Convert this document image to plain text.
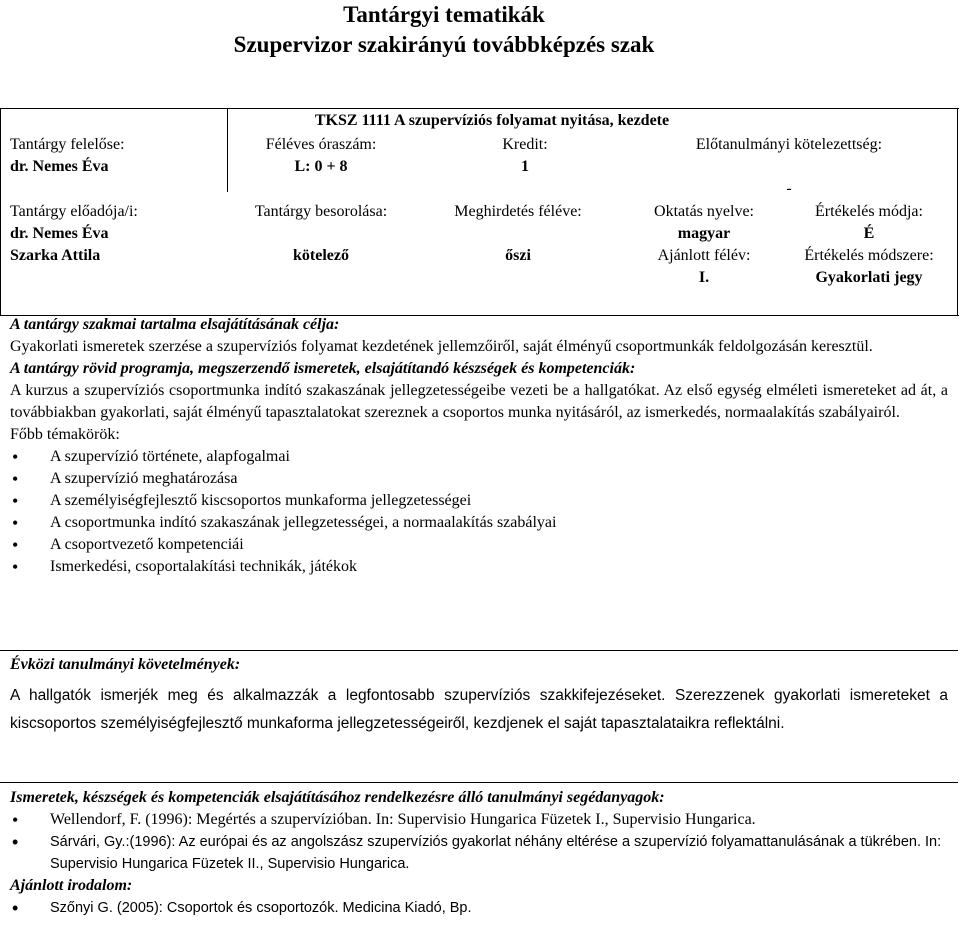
Tantárgyi tematikák
Szupervizor szakirányú továbbképzés szak
TKSZ 1111 A szupervíziós folyamat nyitása, kezdete
Tantárgy felelőse:
dr. Nemes Éva
Féléves óraszám:
L: 0 + 8
Kredit:
1
Előtanulmányi kötelezettség:
-
Tantárgy előadója/i:
dr. Nemes Éva
Szarka Attila
Tantárgy besorolása:
kötelező
Meghirdetés féléve:
őszi
Oktatás nyelve:
magyar
Ajánlott félév:
I.
Értékelés módja:
É
Értékelés módszere:
Gyakorlati jegy
A tantárgy szakmai tartalma elsajátításának célja:
Gyakorlati ismeretek szerzése a szupervíziós folyamat kezdetének jellemzőiről, saját élményű csoportmunkák feldolgozásán keresztül.
A tantárgy rövid programja, megszerzendő ismeretek, elsajátítandó készségek és kompetenciák:
A kurzus a szupervíziós csoportmunka indító szakaszának jellegzetességeibe vezeti be a hallgatókat. Az első egység elméleti ismereteket ad át, a továbbiakban gyakorlati, saját élményű tapasztalatokat szereznek a csoportos munka nyitásáról, az ismerkedés, normaalakítás szabályairól.
Főbb témakörök:
• A szupervízió története, alapfogalmai
• A szupervízió meghatározása
• A személyiségfejlesztő kiscsoportos munkaforma jellegzetességei
• A csoportmunka indító szakaszának jellegzetességei, a normaalakítás szabályai
• A csoportvezető kompetenciái
• Ismerkedési, csoportalakítási technikák, játékok
Évközi tanulmányi követelmények:
A hallgatók ismerjék meg és alkalmazzák a legfontosabb szupervíziós szakkifejezéseket. Szerezzenek gyakorlati ismereteket a kiscsoportos személyiségfejlesztő munkaforma jellegzetességeiről, kezdjenek el saját tapasztalataikra reflektálni.
Ismeretek, készségek és kompetenciák elsajátításához rendelkezésre álló tanulmányi segédanyagok:
• Wellendorf, F. (1996): Megértés a szupervízióban. In: Supervisio Hungarica Füzetek I., Supervisio Hungarica.
• Sárvári, Gy.:(1996): Az európai és az angolszász szupervíziós gyakorlat néhány eltérése a szupervízió folyamattanulásának a tükrében. In: Supervisio Hungarica Füzetek II., Supervisio Hungarica.
Ajánlott irodalom:
• Szőnyi G. (2005): Csoportok és csoportozók. Medicina Kiadó, Bp.
